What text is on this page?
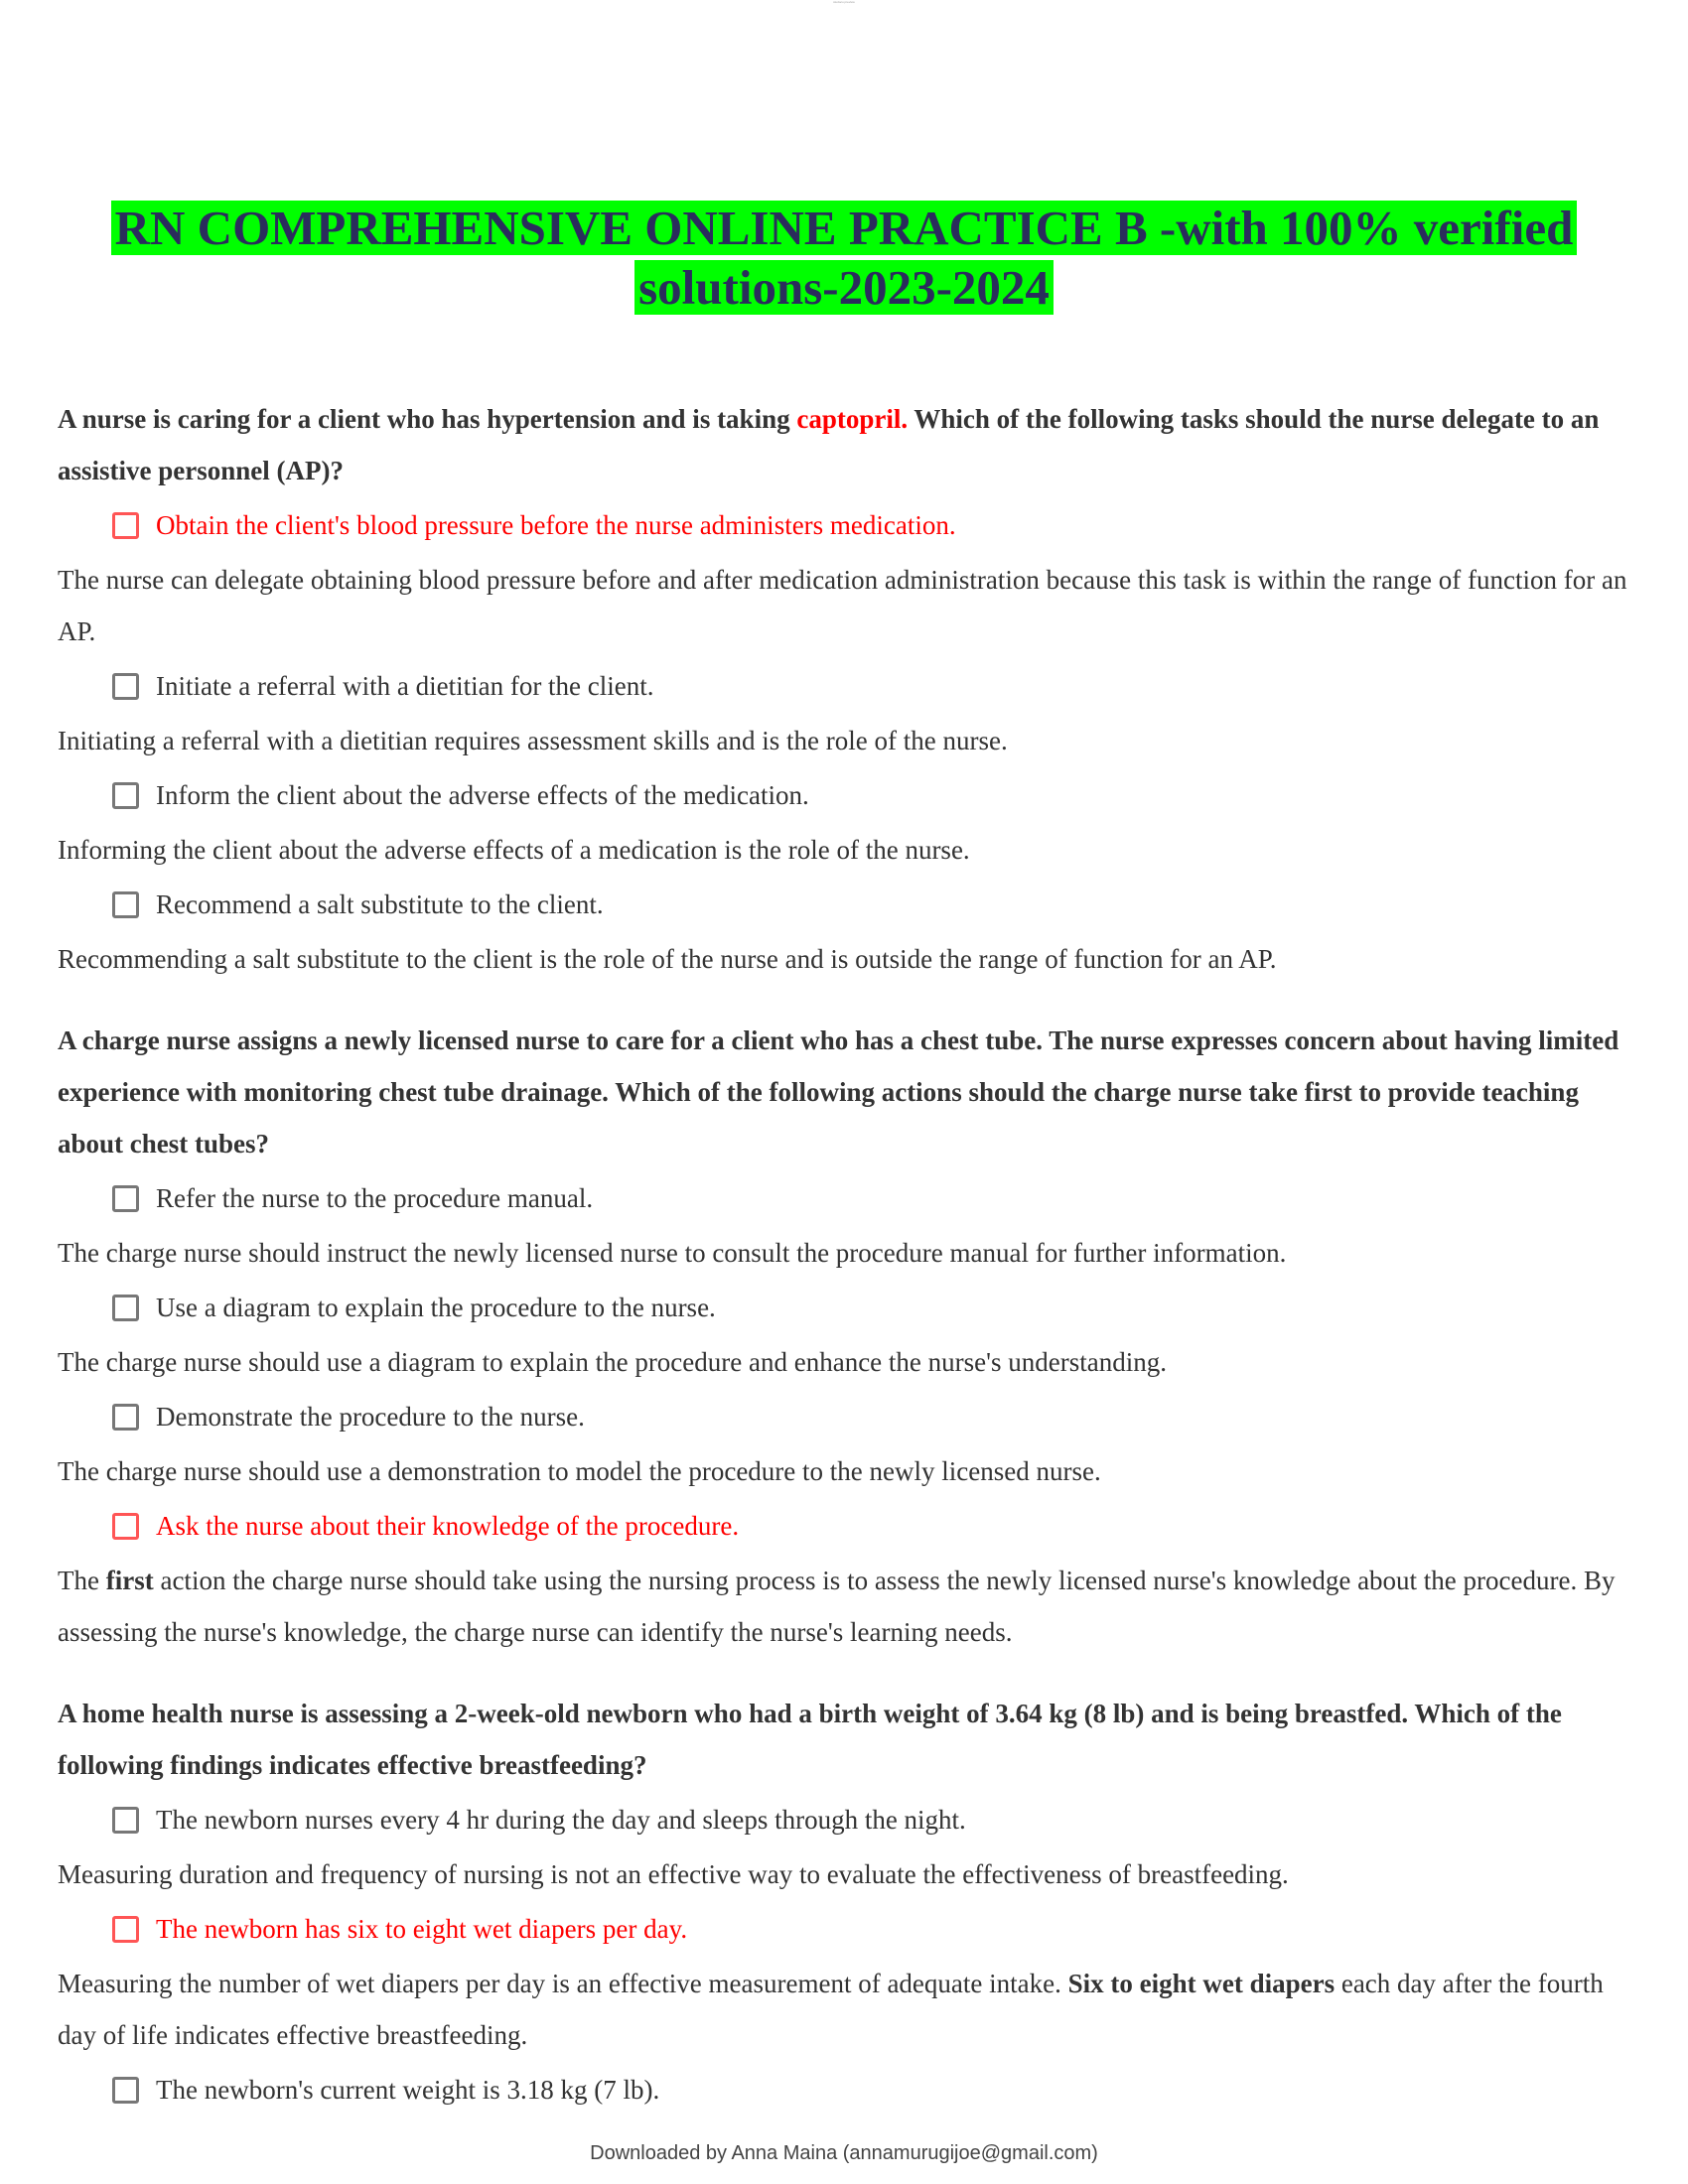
studocu preview
RN COMPREHENSIVE ONLINE PRACTICE B -with 100% verified
solutions-2023-2024

A nurse is caring for a client who has hypertension and is taking captopril. Which of the following tasks should the nurse delegate to an assistive personnel (AP)?

Obtain the client's blood pressure before the nurse administers medication.

The nurse can delegate obtaining blood pressure before and after medication administration because this task is within the range of function for an AP.

Initiate a referral with a dietitian for the client.

Initiating a referral with a dietitian requires assessment skills and is the role of the nurse.

Inform the client about the adverse effects of the medication.

Informing the client about the adverse effects of a medication is the role of the nurse.

Recommend a salt substitute to the client.

Recommending a salt substitute to the client is the role of the nurse and is outside the range of function for an AP.

A charge nurse assigns a newly licensed nurse to care for a client who has a chest tube. The nurse expresses concern about having limited experience with monitoring chest tube drainage. Which of the following actions should the charge nurse take first to provide teaching about chest tubes?

Refer the nurse to the procedure manual.

The charge nurse should instruct the newly licensed nurse to consult the procedure manual for further information.

Use a diagram to explain the procedure to the nurse.

The charge nurse should use a diagram to explain the procedure and enhance the nurse's understanding.

Demonstrate the procedure to the nurse.

The charge nurse should use a demonstration to model the procedure to the newly licensed nurse.

Ask the nurse about their knowledge of the procedure.

The first action the charge nurse should take using the nursing process is to assess the newly licensed nurse's knowledge about the procedure. By assessing the nurse's knowledge, the charge nurse can identify the nurse's learning needs.

A home health nurse is assessing a 2-week-old newborn who had a birth weight of 3.64 kg (8 lb) and is being breastfed. Which of the following findings indicates effective breastfeeding?

The newborn nurses every 4 hr during the day and sleeps through the night.

Measuring duration and frequency of nursing is not an effective way to evaluate the effectiveness of breastfeeding.

The newborn has six to eight wet diapers per day.

Measuring the number of wet diapers per day is an effective measurement of adequate intake. Six to eight wet diapers each day after the fourth day of life indicates effective breastfeeding.

The newborn's current weight is 3.18 kg (7 lb).
Downloaded by Anna Maina (annamurugijoe@gmail.com)
